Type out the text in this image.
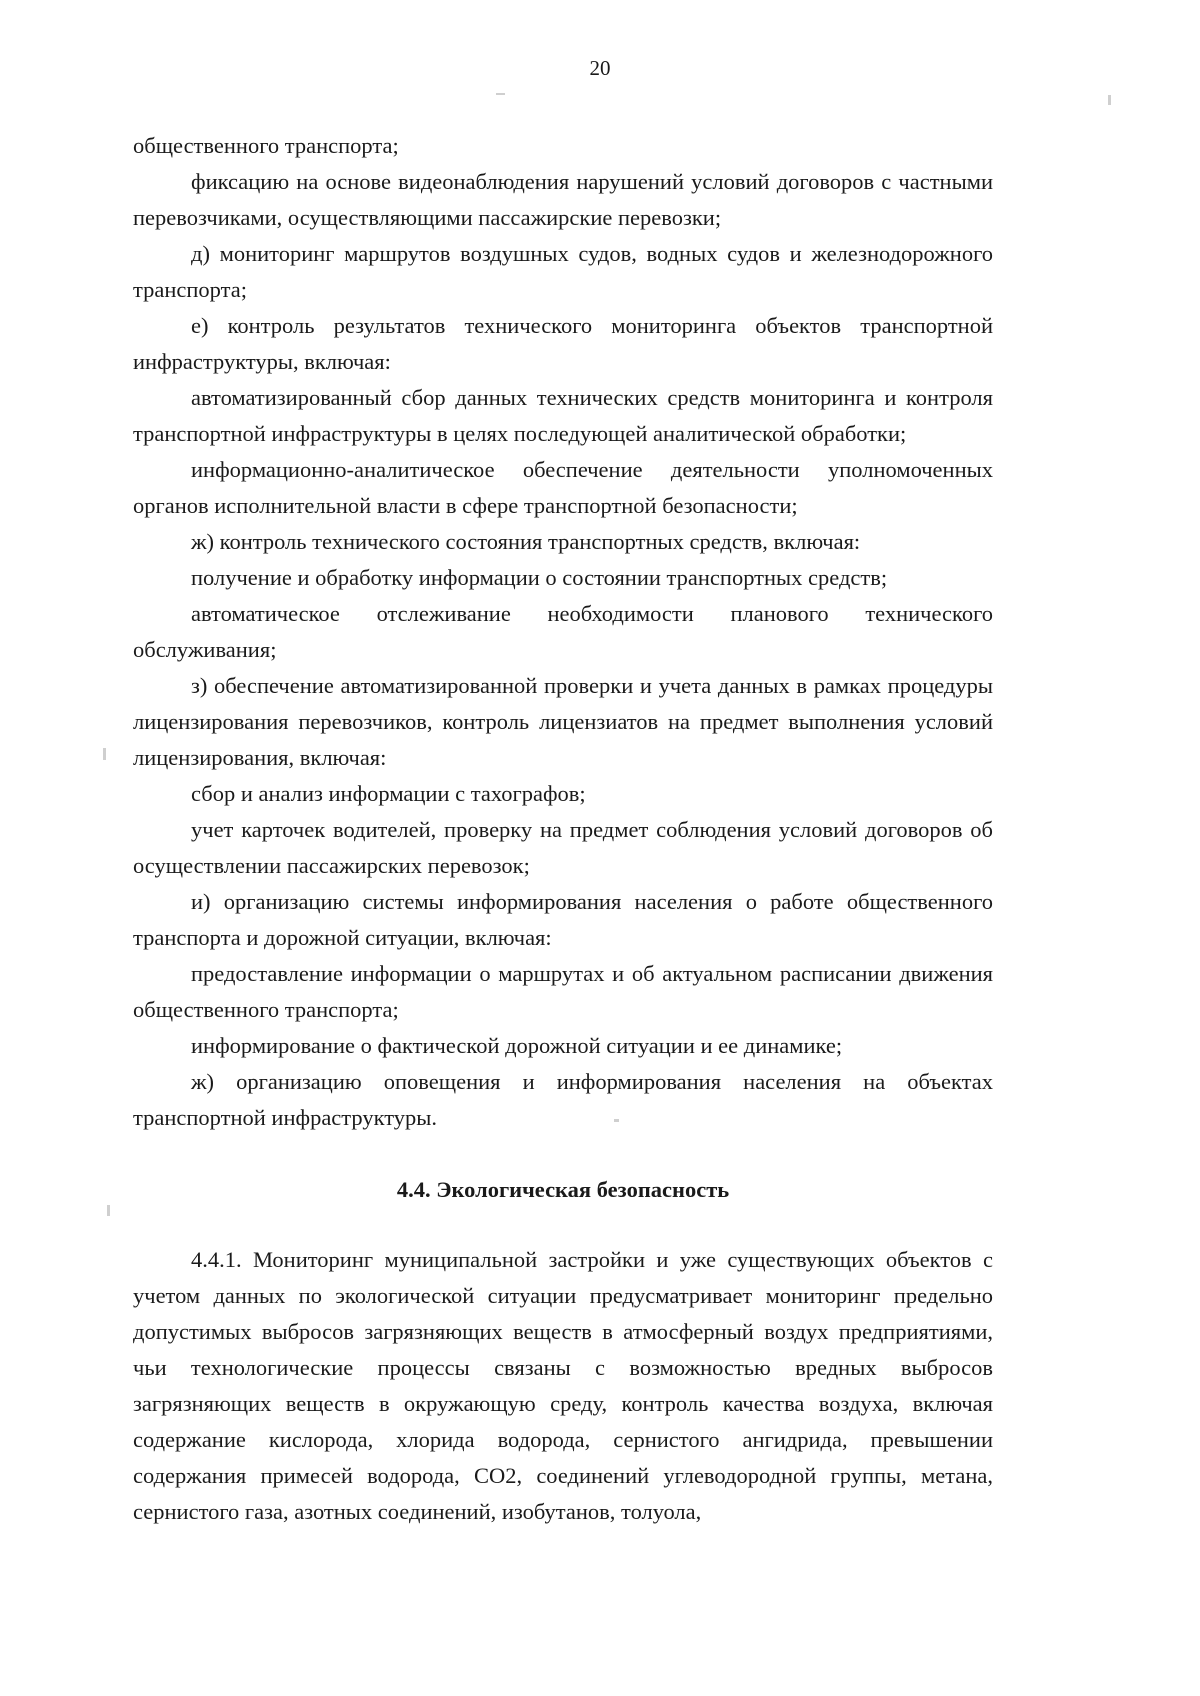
20

общественного транспорта;

фиксацию на основе видеонаблюдения нарушений условий договоров с частными перевозчиками, осуществляющими пассажирские перевозки;

д) мониторинг маршрутов воздушных судов, водных судов и железнодорожного транспорта;

е) контроль результатов технического мониторинга объектов транспортной инфраструктуры, включая:

автоматизированный сбор данных технических средств мониторинга и контроля транспортной инфраструктуры в целях последующей аналитической обработки;

информационно-аналитическое обеспечение деятельности уполномоченных органов исполнительной власти в сфере транспортной безопасности;

ж) контроль технического состояния транспортных средств, включая:

получение и обработку информации о состоянии транспортных средств;

автоматическое отслеживание необходимости планового технического обслуживания;

з) обеспечение автоматизированной проверки и учета данных в рамках процедуры лицензирования перевозчиков, контроль лицензиатов на предмет выполнения условий лицензирования, включая:

сбор и анализ информации с тахографов;

учет карточек водителей, проверку на предмет соблюдения условий договоров об осуществлении пассажирских перевозок;

и) организацию системы информирования населения о работе общественного транспорта и дорожной ситуации, включая:

предоставление информации о маршрутах и об актуальном расписании движения общественного транспорта;

информирование о фактической дорожной ситуации и ее динамике;

ж) организацию оповещения и информирования населения на объектах транспортной инфраструктуры.

4.4. Экологическая безопасность

4.4.1. Мониторинг муниципальной застройки и уже существующих объектов с учетом данных по экологической ситуации предусматривает мониторинг предельно допустимых выбросов загрязняющих веществ в атмосферный воздух предприятиями, чьи технологические процессы связаны с возможностью вредных выбросов загрязняющих веществ в окружающую среду, контроль качества воздуха, включая содержание кислорода, хлорида водорода, сернистого ангидрида, превышении содержания примесей водорода, СО2, соединений углеводородной группы, метана, сернистого газа, азотных соединений, изобутанов, толуола,
